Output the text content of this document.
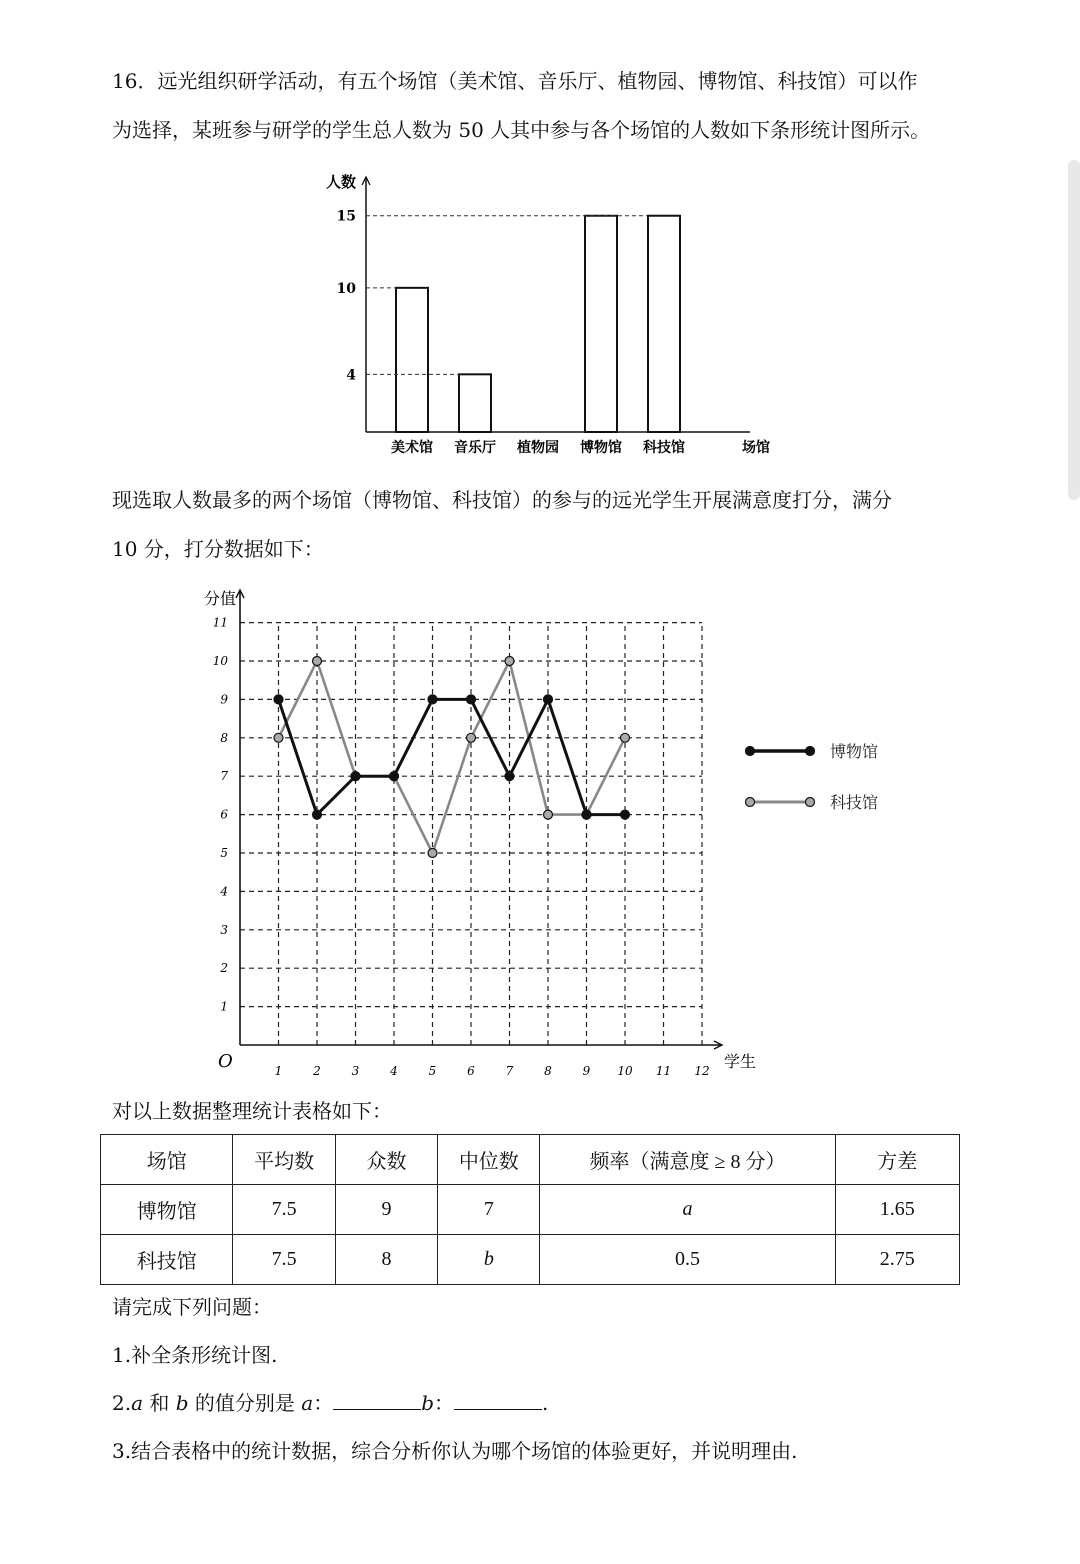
16．远光组织研学活动，有五个场馆（美术馆、音乐厅、植物园、博物馆、科技馆）可以作
为选择，某班参与研学的学生总人数为 50 人其中参与各个场馆的人数如下条形统计图所示。
人数
场馆
美术馆 音乐厅 植物园 博物馆 科技馆
4
10
15
现选取人数最多的两个场馆（博物馆、科技馆）的参与的远光学生开展满意度打分，满分
10 分，打分数据如下：
分值
学生
O	1	2	3	4	5	6	7	8	9 10 11 12
1
2
3
4
5
6
7
8
9
10
11
博物馆
科技馆
对以上数据整理统计表格如下：
场馆	平均数	众数	中位数	频率（满意度 ≥ 8 分）	方差
博物馆	7.5	9	7	a	1.65
科技馆	7.5	8	b	0.5	2.75
请完成下列问题：
1.补全条形统计图.
2.a 和 b 的值分别是 a：	b：	.
3.结合表格中的统计数据，综合分析你认为哪个场馆的体验更好，并说明理由.
